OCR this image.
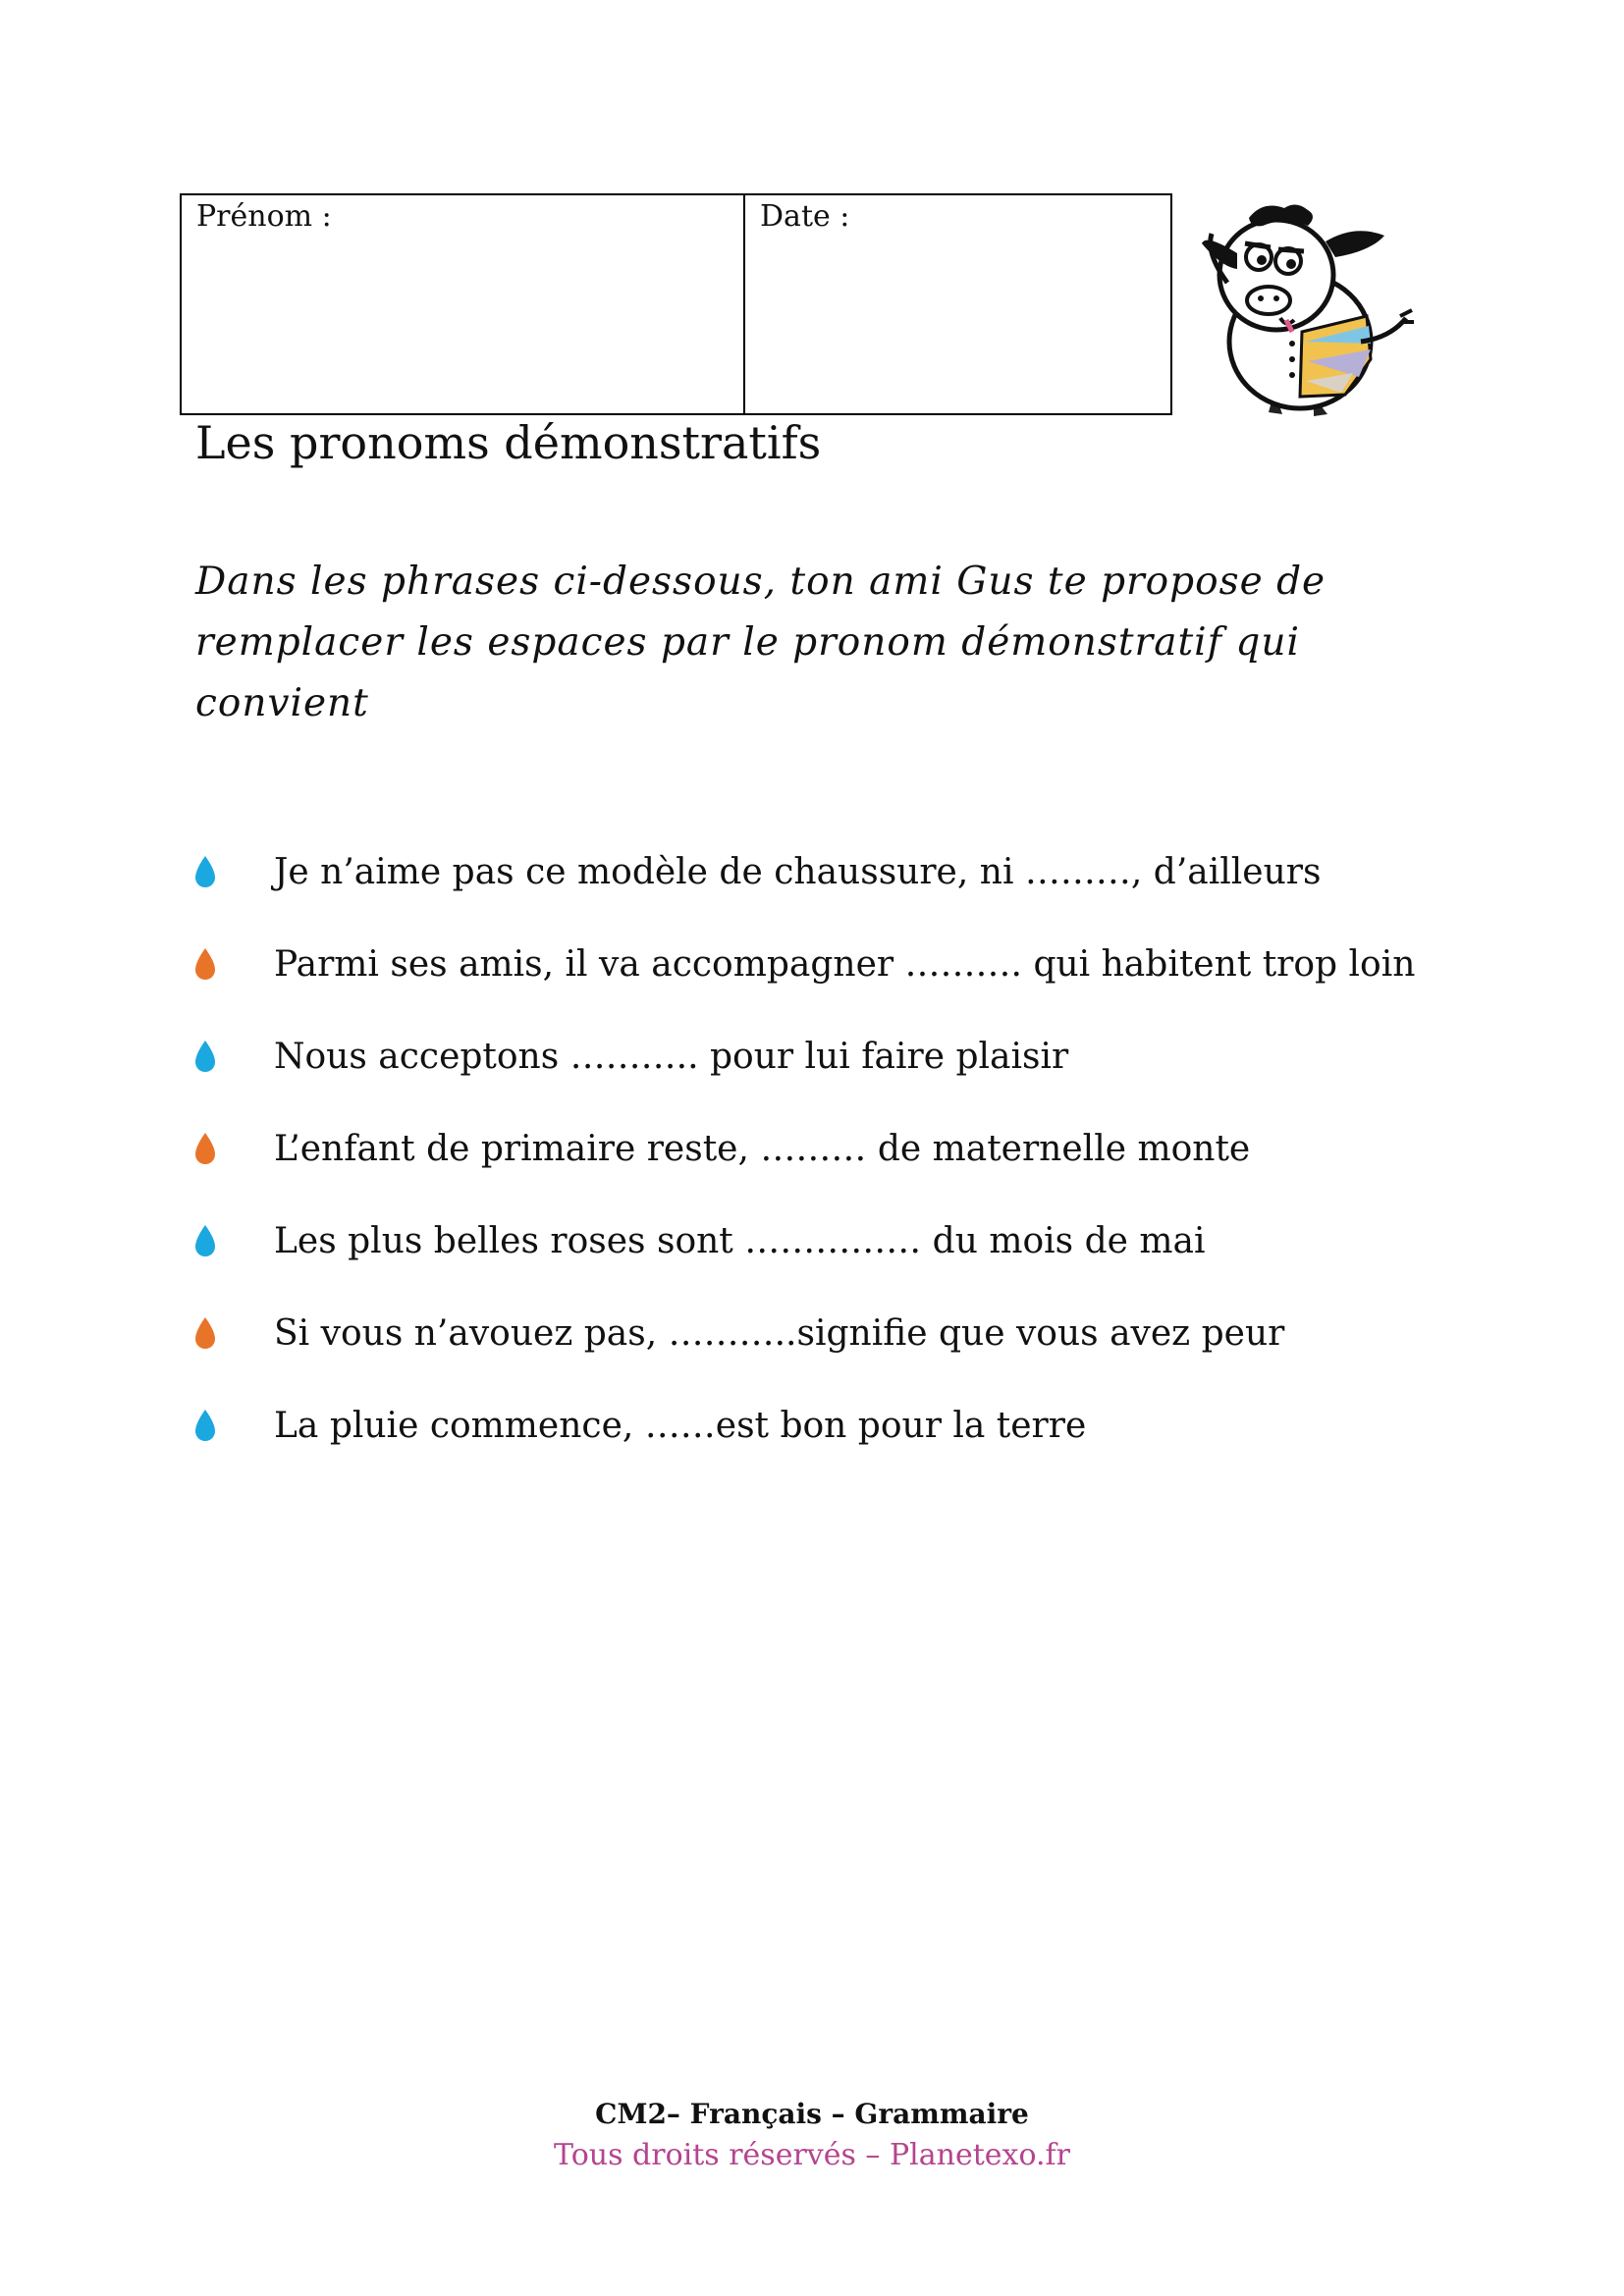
Prénom :	Date :
Les pronoms démonstratifs
Dans les phrases ci-dessous, ton ami Gus te propose de remplacer les espaces par le pronom démonstratif qui convient
Je n’aime pas ce modèle de chaussure, ni ………, d’ailleurs
Parmi ses amis, il va accompagner ………. qui habitent trop loin
Nous acceptons ……….. pour lui faire plaisir
L’enfant de primaire reste, ……… de maternelle monte
Les plus belles roses sont …………… du mois de mai
Si vous n’avouez pas, ………..signifie que vous avez peur
La pluie commence, ……est bon pour la terre
CM2– Français – Grammaire
Tous droits réservés – Planetexo.fr
